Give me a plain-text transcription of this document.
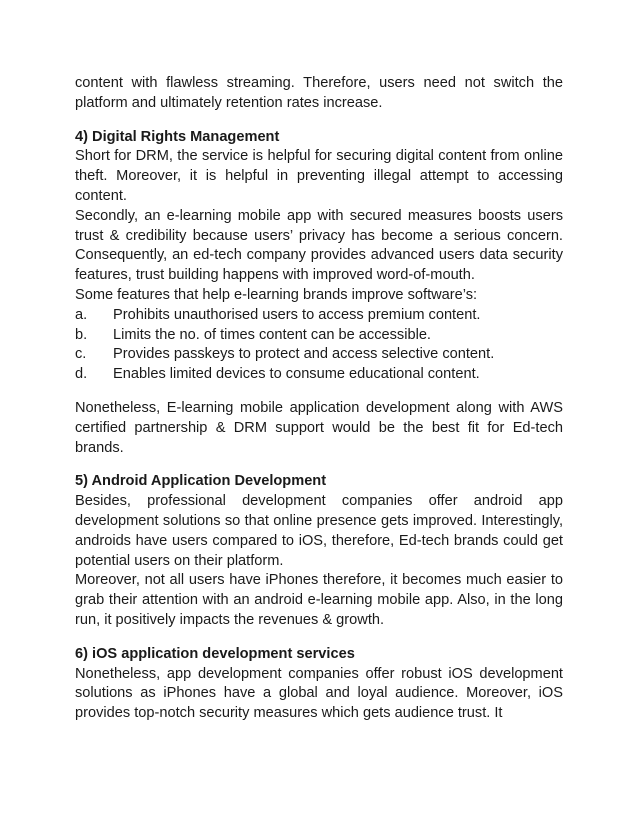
content with flawless streaming. Therefore, users need not switch the platform and ultimately retention rates increase.

4) Digital Rights Management

Short for DRM, the service is helpful for securing digital content from online theft. Moreover, it is helpful in preventing illegal attempt to accessing content.

Secondly, an e-learning mobile app with secured measures boosts users trust & credibility because users’ privacy has become a serious concern. Consequently, an ed-tech company provides advanced users data security features, trust building happens with improved word-of-mouth.

Some features that help e-learning brands improve software’s:

a.	Prohibits unauthorised users to access premium content.
b.	Limits the no. of times content can be accessible.
c.	Provides passkeys to protect and access selective content.
d.	Enables limited devices to consume educational content.

Nonetheless, E-learning mobile application development along with AWS certified partnership & DRM support would be the best fit for Ed-tech brands.

5) Android Application Development

Besides, professional development companies offer android app development solutions so that online presence gets improved. Interestingly, androids have users compared to iOS, therefore, Ed-tech brands could get potential users on their platform.

Moreover, not all users have iPhones therefore, it becomes much easier to grab their attention with an android e-learning mobile app. Also, in the long run, it positively impacts the revenues & growth.

6) iOS application development services

Nonetheless, app development companies offer robust iOS development solutions as iPhones have a global and loyal audience. Moreover, iOS provides top-notch security measures which gets audience trust. It
